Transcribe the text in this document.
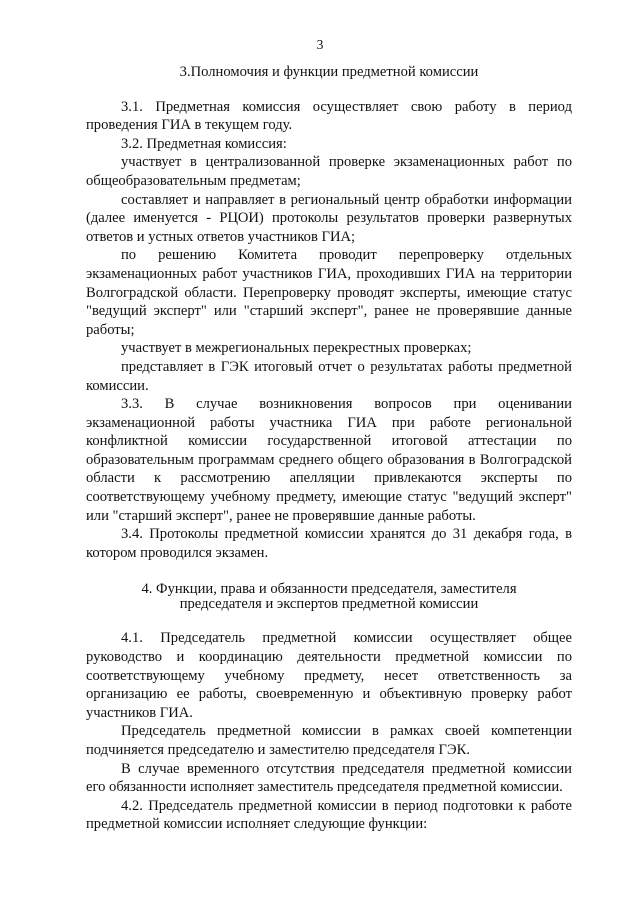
3

3.Полномочия и функции предметной комиссии

3.1. Предметная комиссия осуществляет свою работу в период проведения ГИА в текущем году.

3.2. Предметная комиссия:

участвует в централизованной проверке экзаменационных работ по общеобразовательным предметам;

составляет и направляет в региональный центр обработки информации (далее именуется - РЦОИ) протоколы результатов проверки развернутых ответов и устных ответов участников ГИА;

по решению Комитета проводит перепроверку отдельных экзаменационных работ участников ГИА, проходивших ГИА на территории Волгоградской области. Перепроверку проводят эксперты, имеющие статус "ведущий эксперт" или "старший эксперт", ранее не проверявшие данные работы;

участвует в межрегиональных перекрестных проверках;

представляет в ГЭК итоговый отчет о результатах работы предметной комиссии.

3.3. В случае возникновения вопросов при оценивании экзаменационной работы участника ГИА при работе региональной конфликтной комиссии государственной итоговой аттестации по образовательным программам среднего общего образования в Волгоградской области к рассмотрению апелляции привлекаются эксперты по соответствующему учебному предмету, имеющие статус "ведущий эксперт" или "старший эксперт", ранее не проверявшие данные работы.

3.4. Протоколы предметной комиссии хранятся до 31 декабря года, в котором проводился экзамен.

4. Функции, права и обязанности председателя, заместителя
председателя и экспертов предметной комиссии

4.1. Председатель предметной комиссии осуществляет общее руководство и координацию деятельности предметной комиссии по соответствующему учебному предмету, несет ответственность за организацию ее работы, своевременную и объективную проверку работ участников ГИА.

Председатель предметной комиссии в рамках своей компетенции подчиняется председателю и заместителю председателя ГЭК.

В случае временного отсутствия председателя предметной комиссии его обязанности исполняет заместитель председателя предметной комиссии.

4.2. Председатель предметной комиссии в период подготовки к работе предметной комиссии исполняет следующие функции:
